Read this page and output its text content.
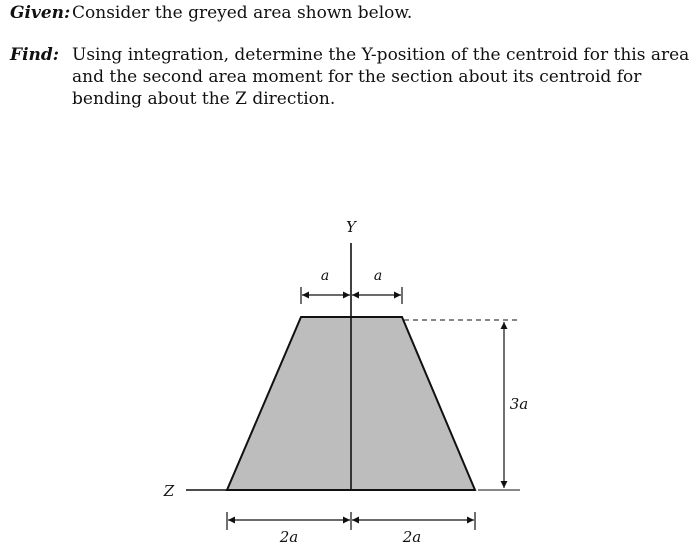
Given: Consider the greyed area shown below.
Find: Using integration, determine the Y-position of the centroid for this area and the second area moment for the section about its centroid for bending about the Z direction.
Y
Z
a	a
3a
2a	2a
